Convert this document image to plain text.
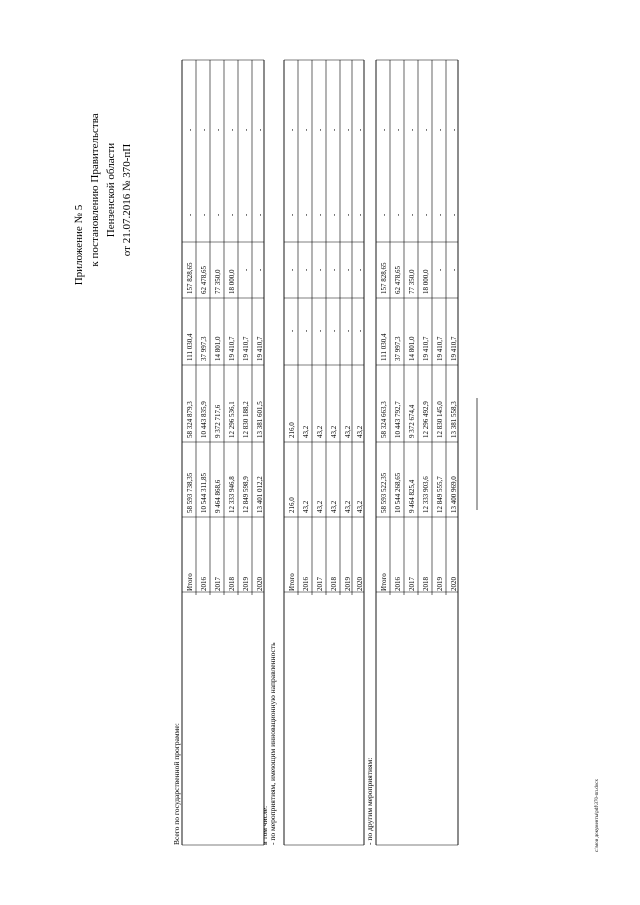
Приложение № 5 к постановлению Правительства Пензенской области от 21.07.2016 № 370-пП
Всего по государственной программе:
Итого
58 593 738,35
58 324 879,3
111 030,4
157 828,65
-
-
2016
10 544 311,85
10 443 835,9
37 997,3
62 478,65
-
-
2017
9 464 868,6
9 372 717,6
14 801,0
77 350,0
-
-
2018
12 333 946,8
12 296 536,1
19 410,7
18 000,0
-
-
2019
12 849 598,9
12 830 188,2
19 410,7
-
-
-
2020
13 401 012,2
13 381 601,5
19 410,7
-
-
-
в том числе: - по мероприятиям, имеющим инновационную направленность
Итого
216,0
216,0
-
-
-
-
2016
43,2
43,2
-
-
-
-
2017
43,2
43,2
-
-
-
-
2018
43,2
43,2
-
-
-
-
2019
43,2
43,2
-
-
-
-
2020
43,2
43,2
-
-
-
-
- по другим мероприятиям:
Итого
58 593 522,35
58 324 663,3
111 030,4
157 828,65
-
-
2016
10 544 268,65
10 443 792,7
37 997,3
62 478,65
-
-
2017
9 464 825,4
9 372 674,4
14 801,0
77 350,0
-
-
2018
12 333 903,6
12 296 492,9
19 410,7
18 000,0
-
-
2019
12 849 555,7
12 830 145,0
19 410,7
-
-
-
2020
13 400 969,0
13 381 558,3
19 410,7
-
-
-
c:\мои документы\pdf\370-пп.docx
